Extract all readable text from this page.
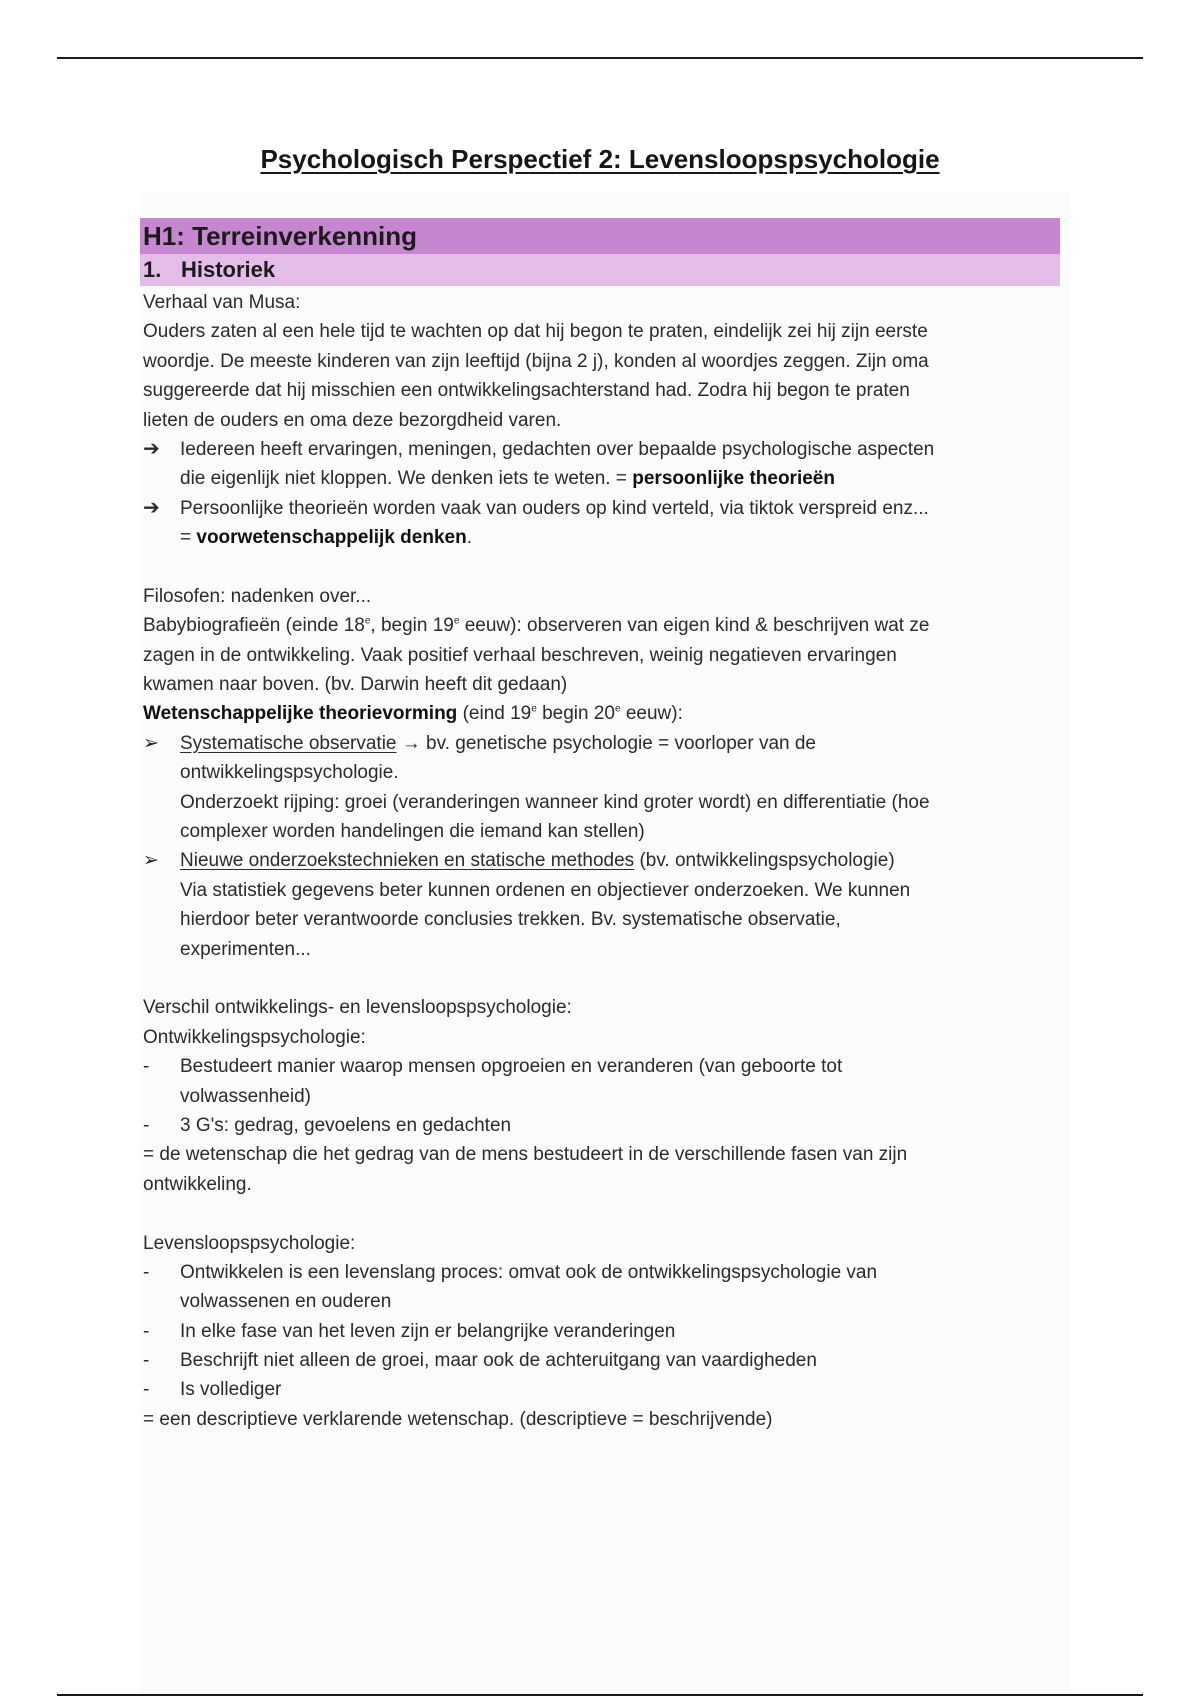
Psychologisch Perspectief 2: Levensloopspsychologie
H1: Terreinverkenning
1. Historiek
Verhaal van Musa:
Ouders zaten al een hele tijd te wachten op dat hij begon te praten, eindelijk zei hij zijn eerste
woordje. De meeste kinderen van zijn leeftijd (bijna 2 j), konden al woordjes zeggen. Zijn oma
suggereerde dat hij misschien een ontwikkelingsachterstand had. Zodra hij begon te praten
lieten de ouders en oma deze bezorgdheid varen.
➔	Iedereen heeft ervaringen, meningen, gedachten over bepaalde psychologische aspecten
die eigenlijk niet kloppen. We denken iets te weten. = persoonlijke theorieën
➔	Persoonlijke theorieën worden vaak van ouders op kind verteld, via tiktok verspreid enz...
= voorwetenschappelijk denken.
Filosofen: nadenken over...
Babybiografieën (einde 18e, begin 19e eeuw): observeren van eigen kind & beschrijven wat ze
zagen in de ontwikkeling. Vaak positief verhaal beschreven, weinig negatieven ervaringen
kwamen naar boven. (bv. Darwin heeft dit gedaan)
Wetenschappelijke theorievorming (eind 19e begin 20e eeuw):
➢	Systematische observatie → bv. genetische psychologie = voorloper van de
ontwikkelingspsychologie.
Onderzoekt rijping: groei (veranderingen wanneer kind groter wordt) en differentiatie (hoe
complexer worden handelingen die iemand kan stellen)
➢	Nieuwe onderzoekstechnieken en statische methodes (bv. ontwikkelingspsychologie)
Via statistiek gegevens beter kunnen ordenen en objectiever onderzoeken. We kunnen
hierdoor beter verantwoorde conclusies trekken. Bv. systematische observatie,
experimenten...
Verschil ontwikkelings- en levensloopspsychologie:
Ontwikkelingspsychologie:
-	Bestudeert manier waarop mensen opgroeien en veranderen (van geboorte tot
volwassenheid)
-	3 G's: gedrag, gevoelens en gedachten
= de wetenschap die het gedrag van de mens bestudeert in de verschillende fasen van zijn
ontwikkeling.
Levensloopspsychologie:
-	Ontwikkelen is een levenslang proces: omvat ook de ontwikkelingspsychologie van
volwassenen en ouderen
-	In elke fase van het leven zijn er belangrijke veranderingen
-	Beschrijft niet alleen de groei, maar ook de achteruitgang van vaardigheden
-	Is vollediger
= een descriptieve verklarende wetenschap. (descriptieve = beschrijvende)
